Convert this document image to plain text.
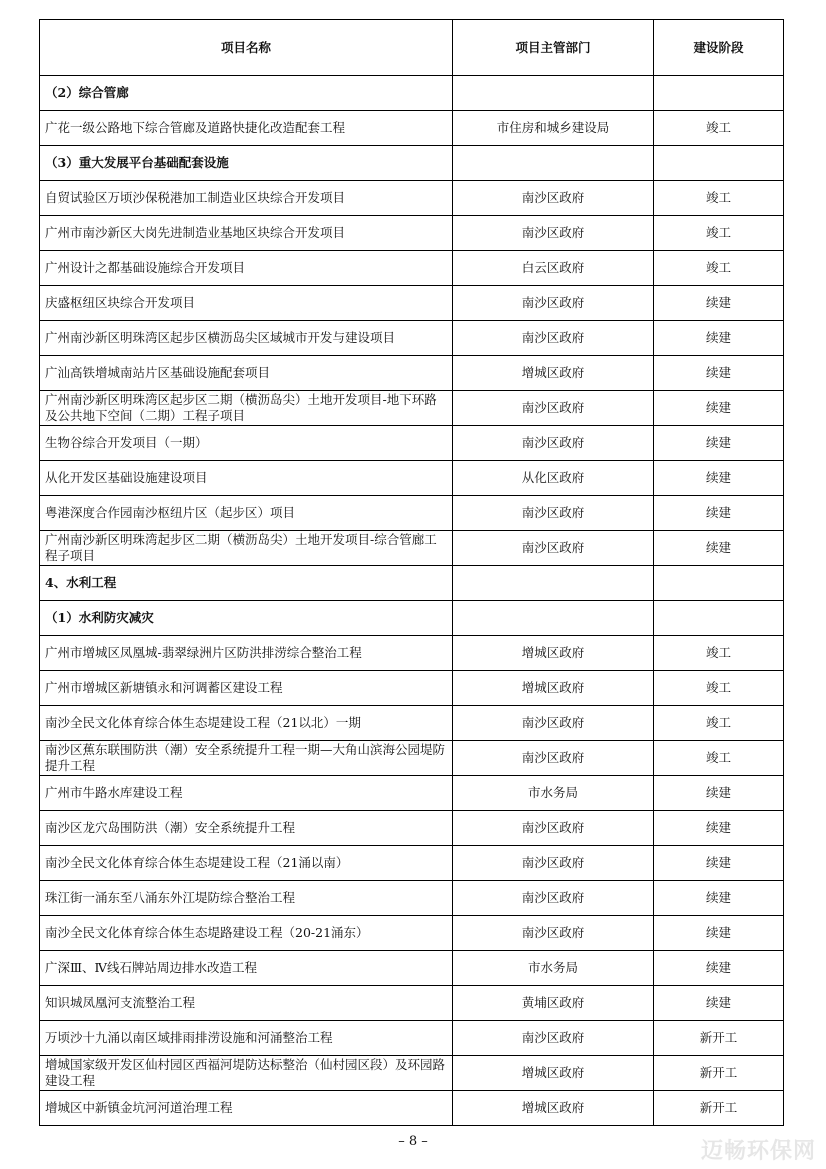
项目名称	项目主管部门	建设阶段
（2）综合管廊		
广花一级公路地下综合管廊及道路快捷化改造配套工程	市住房和城乡建设局	竣工
（3）重大发展平台基础配套设施		
自贸试验区万顷沙保税港加工制造业区块综合开发项目	南沙区政府	竣工
广州市南沙新区大岗先进制造业基地区块综合开发项目	南沙区政府	竣工
广州设计之都基础设施综合开发项目	白云区政府	竣工
庆盛枢纽区块综合开发项目	南沙区政府	续建
广州南沙新区明珠湾区起步区横沥岛尖区域城市开发与建设项目	南沙区政府	续建
广汕高铁增城南站片区基础设施配套项目	增城区政府	续建
广州南沙新区明珠湾区起步区二期（横沥岛尖）土地开发项目-地下环路及公共地下空间（二期）工程子项目	南沙区政府	续建
生物谷综合开发项目（一期）	南沙区政府	续建
从化开发区基础设施建设项目	从化区政府	续建
粤港深度合作园南沙枢纽片区（起步区）项目	南沙区政府	续建
广州南沙新区明珠湾起步区二期（横沥岛尖）土地开发项目-综合管廊工程子项目	南沙区政府	续建
4、水利工程		
（1）水利防灾减灾		
广州市增城区凤凰城-翡翠绿洲片区防洪排涝综合整治工程	增城区政府	竣工
广州市增城区新塘镇永和河调蓄区建设工程	增城区政府	竣工
南沙全民文化体育综合体生态堤建设工程（21以北）一期	南沙区政府	竣工
南沙区蕉东联围防洪（潮）安全系统提升工程一期—大角山滨海公园堤防提升工程	南沙区政府	竣工
广州市牛路水库建设工程	市水务局	续建
南沙区龙穴岛围防洪（潮）安全系统提升工程	南沙区政府	续建
南沙全民文化体育综合体生态堤建设工程（21涌以南）	南沙区政府	续建
珠江街一涌东至八涌东外江堤防综合整治工程	南沙区政府	续建
南沙全民文化体育综合体生态堤路建设工程（20-21涌东）	南沙区政府	续建
广深Ⅲ、Ⅳ线石牌站周边排水改造工程	市水务局	续建
知识城凤凰河支流整治工程	黄埔区政府	续建
万顷沙十九涌以南区域排雨排涝设施和河涌整治工程	南沙区政府	新开工
增城国家级开发区仙村园区西福河堤防达标整治（仙村园区段）及环园路建设工程	增城区政府	新开工
增城区中新镇金坑河河道治理工程	增城区政府	新开工
– 8 –	迈畅环保网
